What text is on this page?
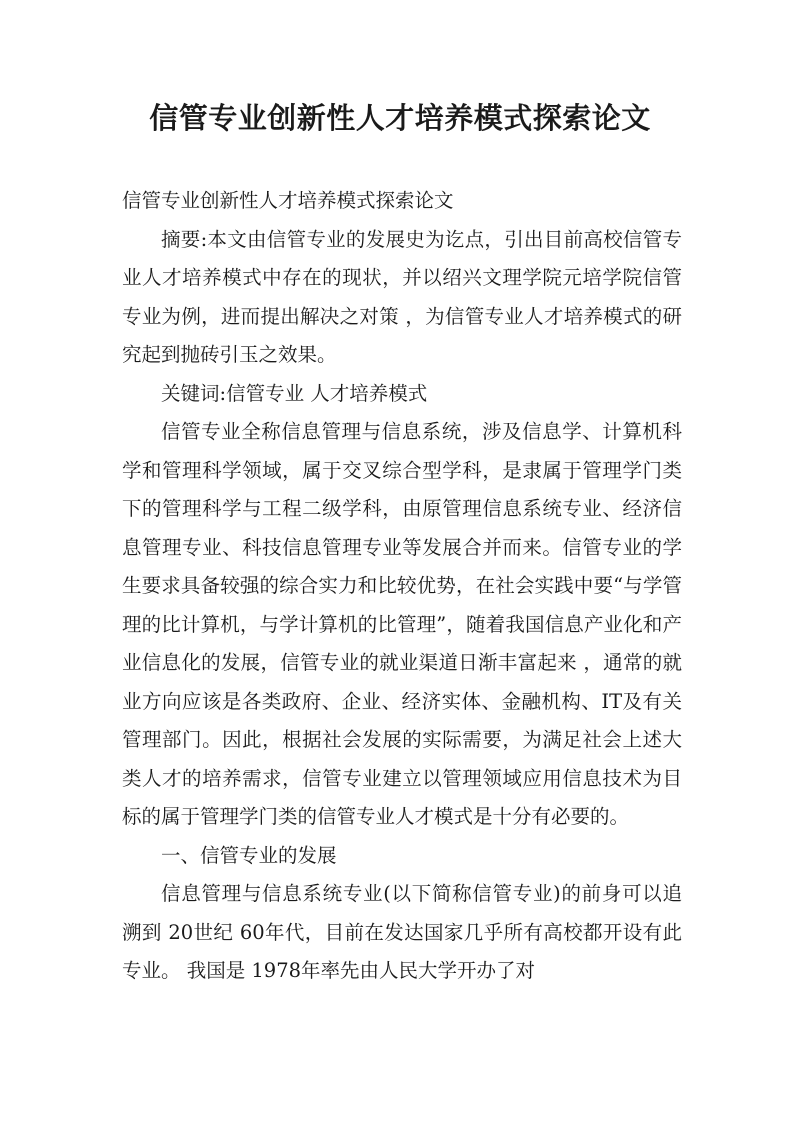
信管专业创新性人才培养模式探索论文

信管专业创新性人才培养模式探索论文

摘要:本文由信管专业的发展史为讫点，引出目前高校信管专业人才培养模式中存在的现状，并以绍兴文理学院元培学院信管专业为例，进而提出解决之对策 ，为信管专业人才培养模式的研究起到抛砖引玉之效果。

关键词:信管专业 人才培养模式

信管专业全称信息管理与信息系统，涉及信息学、计算机科学和管理科学领域，属于交叉综合型学科，是隶属于管理学门类下的管理科学与工程二级学科，由原管理信息系统专业、经济信息管理专业、科技信息管理专业等发展合并而来。信管专业的学生要求具备较强的综合实力和比较优势，在社会实践中要“与学管理的比计算机，与学计算机的比管理”，随着我国信息产业化和产业信息化的发展，信管专业的就业渠道日渐丰富起来 ，通常的就业方向应该是各类政府、企业、经济实体、金融机构、IT及有关管理部门。因此，根据社会发展的实际需要，为满足社会上述大类人才的培养需求，信管专业建立以管理领域应用信息技术为目标的属于管理学门类的信管专业人才模式是十分有必要的。

一、信管专业的发展

信息管理与信息系统专业(以下简称信管专业)的前身可以追溯到 20世纪 60年代，目前在发达国家几乎所有高校都开设有此专业。 我国是 1978年率先由人民大学开办了对
